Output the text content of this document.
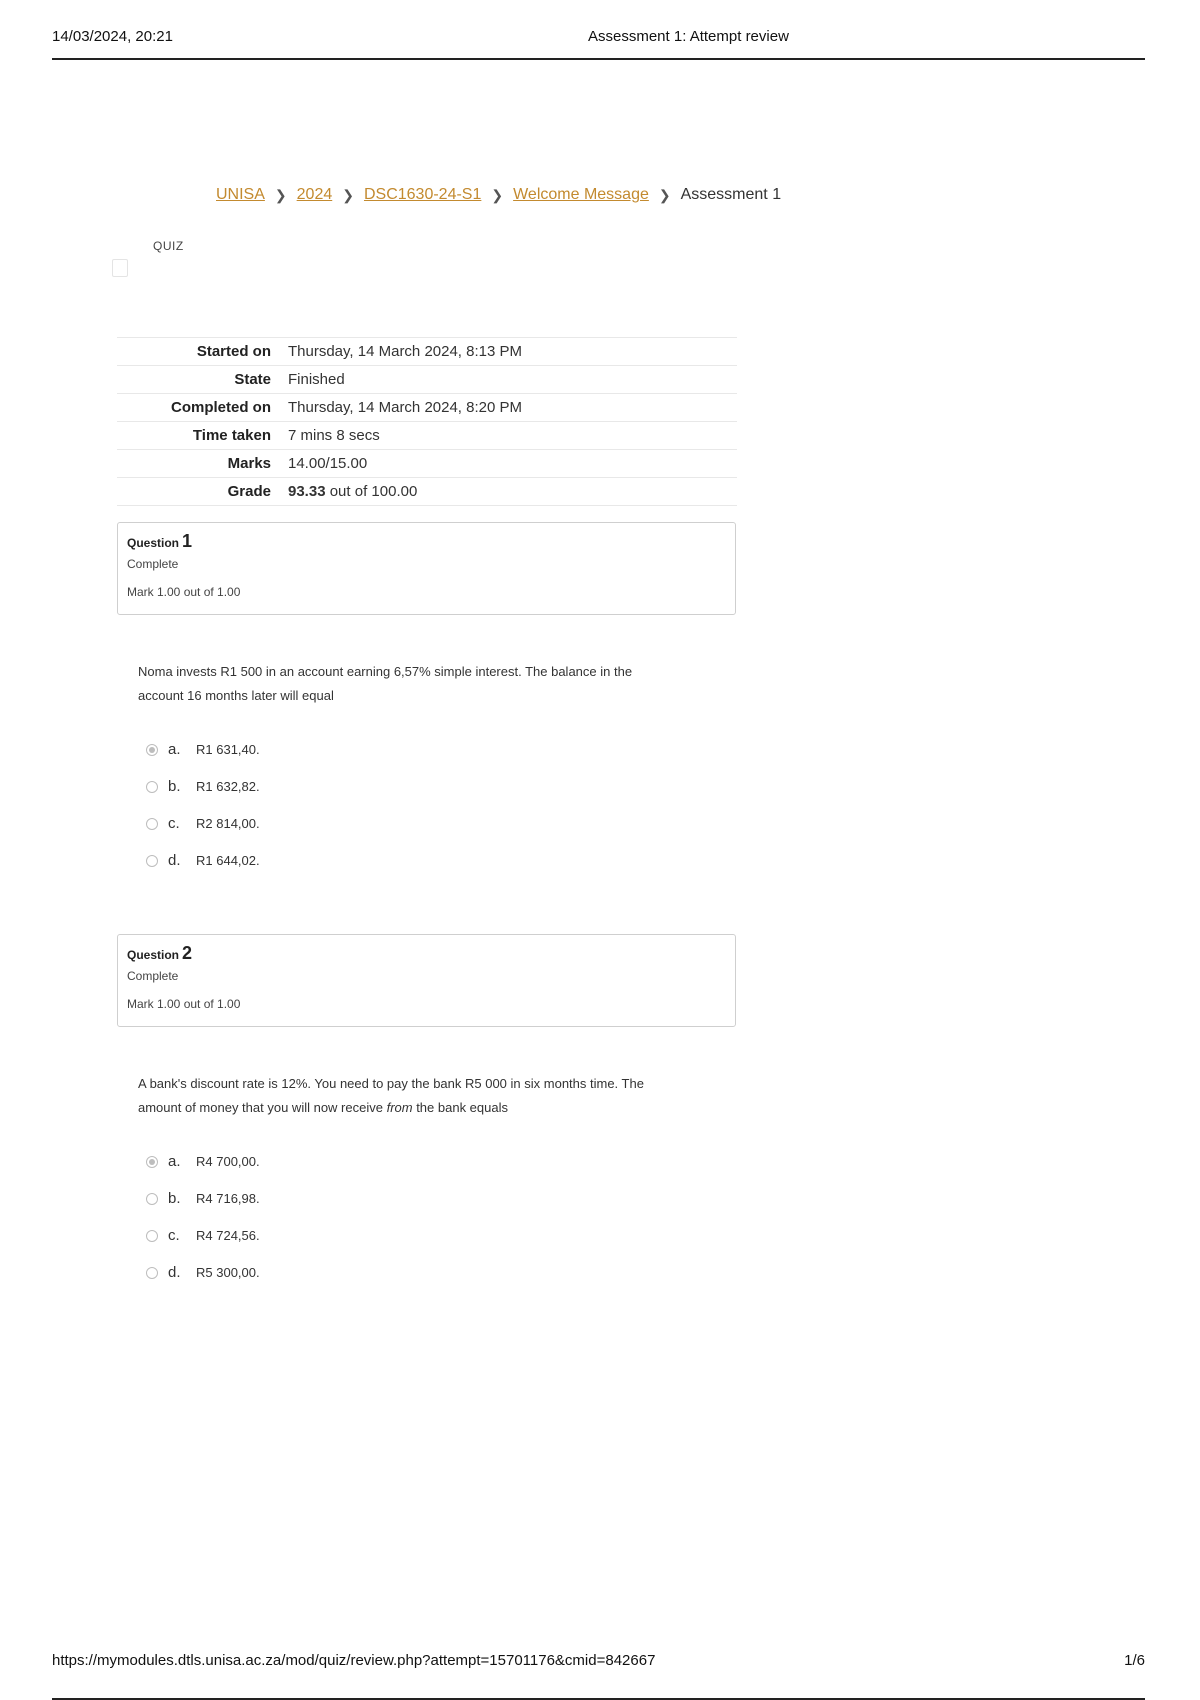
14/03/2024, 20:21	Assessment 1: Attempt review
UNISA ❯ 2024 ❯ DSC1630-24-S1 ❯ Welcome Message ❯ Assessment 1
QUIZ
Started on Thursday, 14 March 2024, 8:13 PM
State Finished
Completed on Thursday, 14 March 2024, 8:20 PM
Time taken 7 mins 8 secs
Marks 14.00/15.00
Grade 93.33 out of 100.00
Question 1
Complete
Mark 1.00 out of 1.00
Noma invests R1 500 in an account earning 6,57% simple interest. The balance in the
account 16 months later will equal
a.	R1 631,40.
b.	R1 632,82.
c.	R2 814,00.
d.	R1 644,02.
Question 2
Complete
Mark 1.00 out of 1.00
A bank's discount rate is 12%. You need to pay the bank R5 000 in six months time. The
amount of money that you will now receive from the bank equals
a.	R4 700,00.
b.	R4 716,98.
c.	R4 724,56.
d.	R5 300,00.
https://mymodules.dtls.unisa.ac.za/mod/quiz/review.php?attempt=15701176&cmid=842667	1/6
